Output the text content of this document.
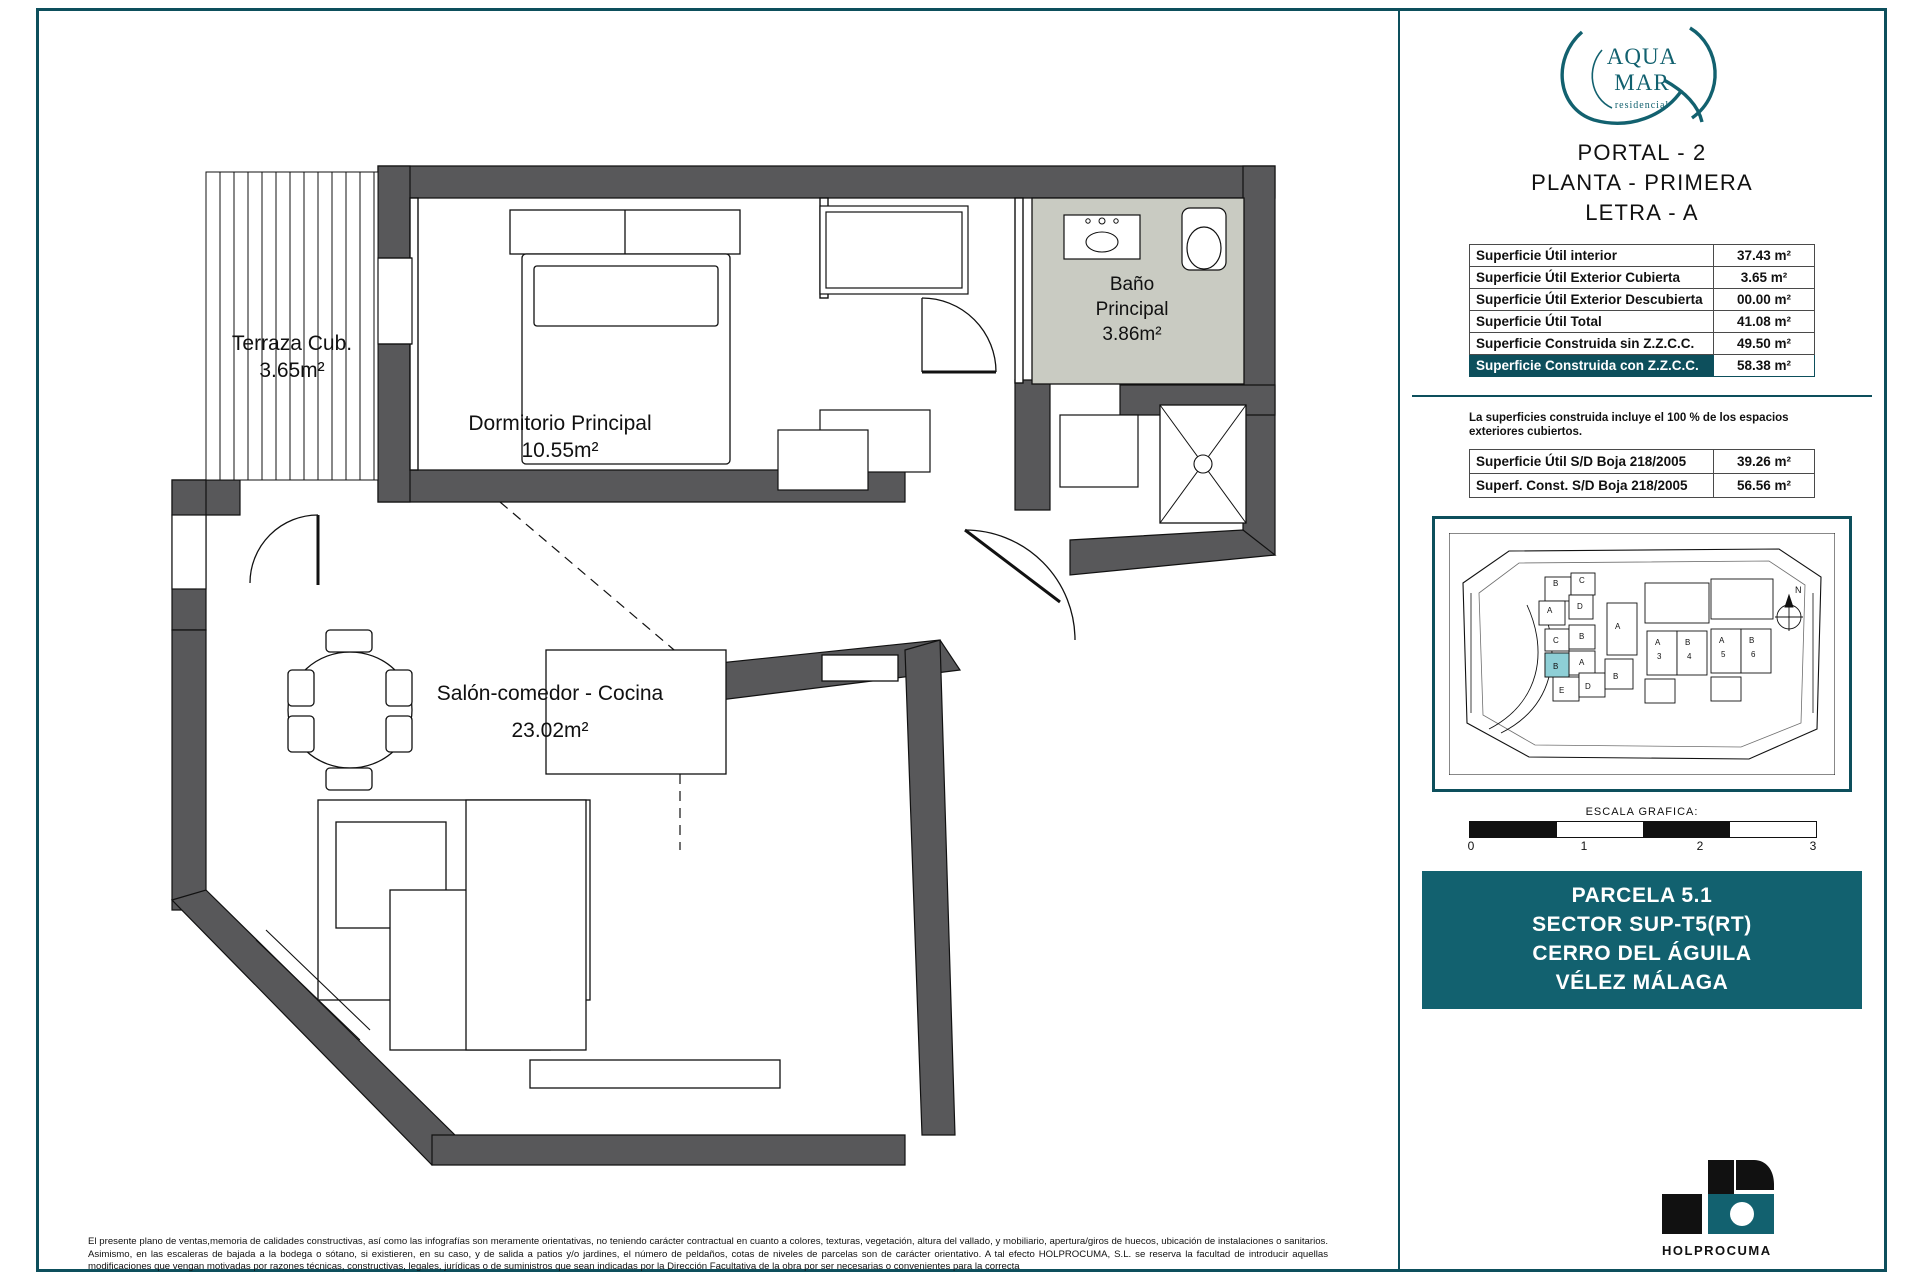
Terraza Cub.
3.65m²
Dormitorio Principal
10.55m²
Baño
Principal
3.86m²
Salón-comedor - Cocina
23.02m²
AQUA
MAR
residencial
PORTAL - 2
PLANTA - PRIMERA
LETRA - A
Superficie Útil interior	37.43 m²
Superficie Útil Exterior Cubierta	3.65 m²
Superficie Útil Exterior Descubierta	00.00 m²
Superficie Útil Total	41.08 m²
Superficie Construida sin Z.Z.C.C.	49.50 m²
Superficie Construida con Z.Z.C.C.	58.38 m²
La superficies construida incluye el 100 % de los espacios exteriores cubiertos.
Superficie Útil S/D Boja 218/2005	39.26 m²
Superf. Const. S/D Boja 218/2005	56.56 m²
B	C
A	D
C	B
B	A
E	D
A
B
A	B	A	B
3	4	5	6
N
ESCALA GRAFICA:
0	1	2	3
PARCELA 5.1
SECTOR SUP-T5(RT)
CERRO DEL ÁGUILA
VÉLEZ MÁLAGA
HOLPROCUMA
El presente plano de ventas,memoria de calidades constructivas, así como las infografías son meramente orientativas, no teniendo carácter contractual en cuanto a colores, texturas, vegetación, altura del vallado, y mobiliario, apertura/giros de huecos, ubicación de instalaciones o sanitarios. Asimismo, en las escaleras de bajada a la bodega o sótano, si existieren, en su caso, y de salida a patios y/o jardines, el número de peldaños, cotas de niveles de parcelas son de carácter orientativo. A tal efecto HOLPROCUMA, S.L. se reserva la facultad de introducir aquellas modificaciones que vengan motivadas por razones técnicas, constructivas, legales, jurídicas o de suministros que sean indicadas por la Dirección Facultativa de la obra por ser necesarias o convenientes para la correcta
